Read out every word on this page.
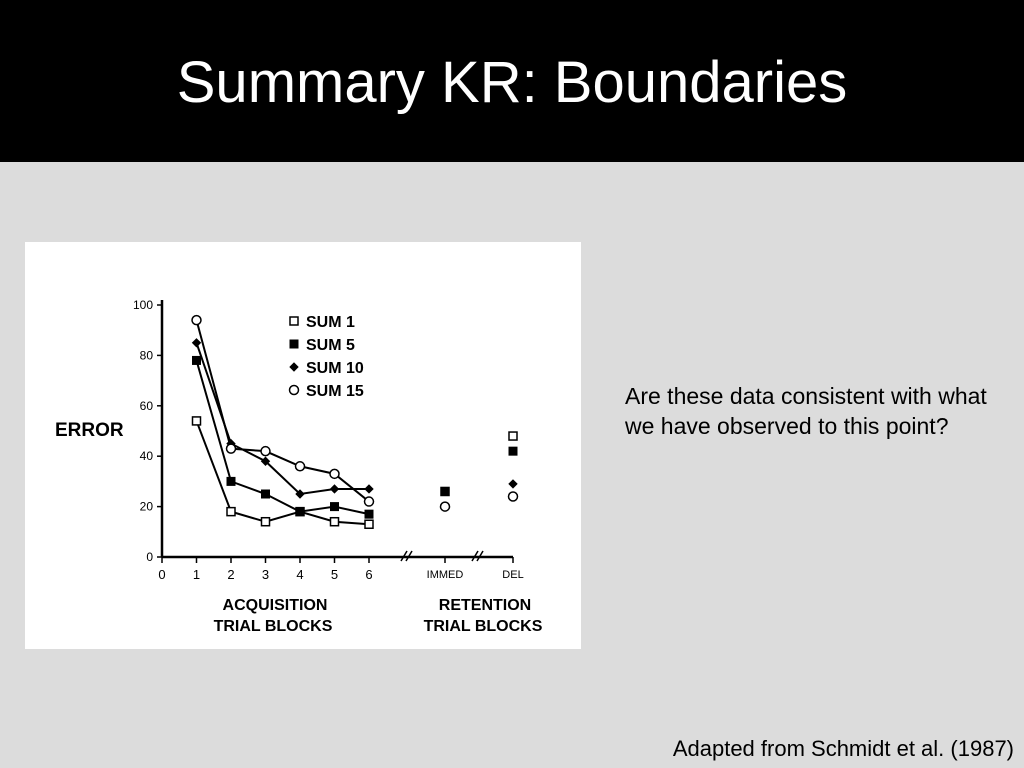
Summary KR: Boundaries
0
20
40
60
80
100
0 1 2 3 4 5 6	IMMED	DEL
SUM 1
SUM 5
SUM 10
SUM 15
ERROR
ACQUISITION
TRIAL BLOCKS
RETENTION
TRIAL BLOCKS
Are these data consistent with what we have observed to this point?
Adapted from Schmidt et al. (1987)
